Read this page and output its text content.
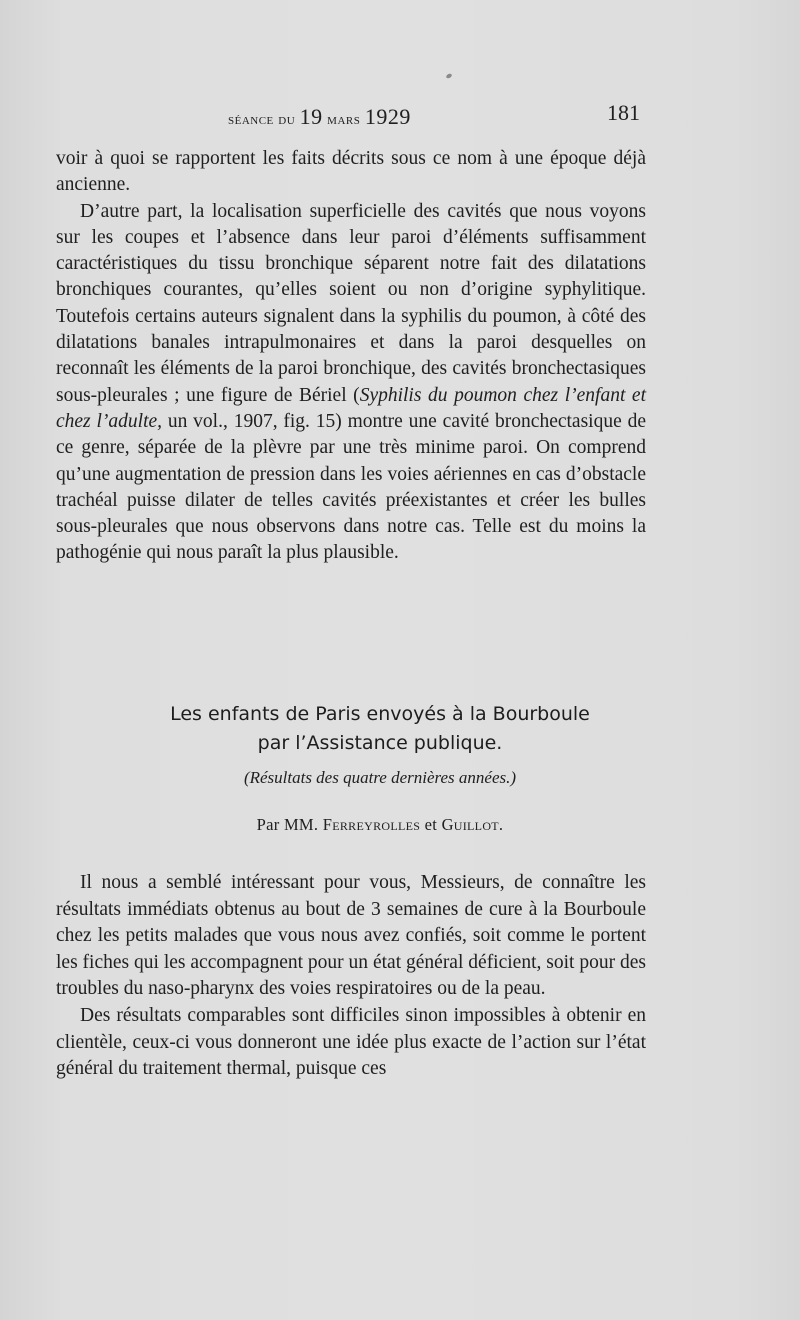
séance du 19 mars 1929	181

voir à quoi se rapportent les faits décrits sous ce nom à une époque déjà ancienne.

D’autre part, la localisation superficielle des cavités que nous voyons sur les coupes et l’absence dans leur paroi d’éléments suffisamment caractéristiques du tissu bronchique séparent notre fait des dilatations bronchiques courantes, qu’elles soient ou non d’origine syphylitique. Toutefois certains auteurs signalent dans la syphilis du poumon, à côté des dilatations banales intrapulmonaires et dans la paroi desquelles on reconnaît les éléments de la paroi bronchique, des cavités bronchectasiques sous-pleurales ; une figure de Bériel (Syphilis du poumon chez l’enfant et chez l’adulte, un vol., 1907, fig. 15) montre une cavité bronchectasique de ce genre, séparée de la plèvre par une très minime paroi. On comprend qu’une augmentation de pression dans les voies aériennes en cas d’obstacle trachéal puisse dilater de telles cavités préexistantes et créer les bulles sous-pleurales que nous observons dans notre cas. Telle est du moins la pathogénie qui nous paraît la plus plausible.

Les enfants de Paris envoyés à la Bourboule
par l’Assistance publique.
(Résultats des quatre dernières années.)
Par MM. Ferreyrolles et Guillot.

Il nous a semblé intéressant pour vous, Messieurs, de connaître les résultats immédiats obtenus au bout de 3 semaines de cure à la Bourboule chez les petits malades que vous nous avez confiés, soit comme le portent les fiches qui les accompagnent pour un état général déficient, soit pour des troubles du naso-pharynx des voies respiratoires ou de la peau.

Des résultats comparables sont difficiles sinon impossibles à obtenir en clientèle, ceux-ci vous donneront une idée plus exacte de l’action sur l’état général du traitement thermal, puisque ces
